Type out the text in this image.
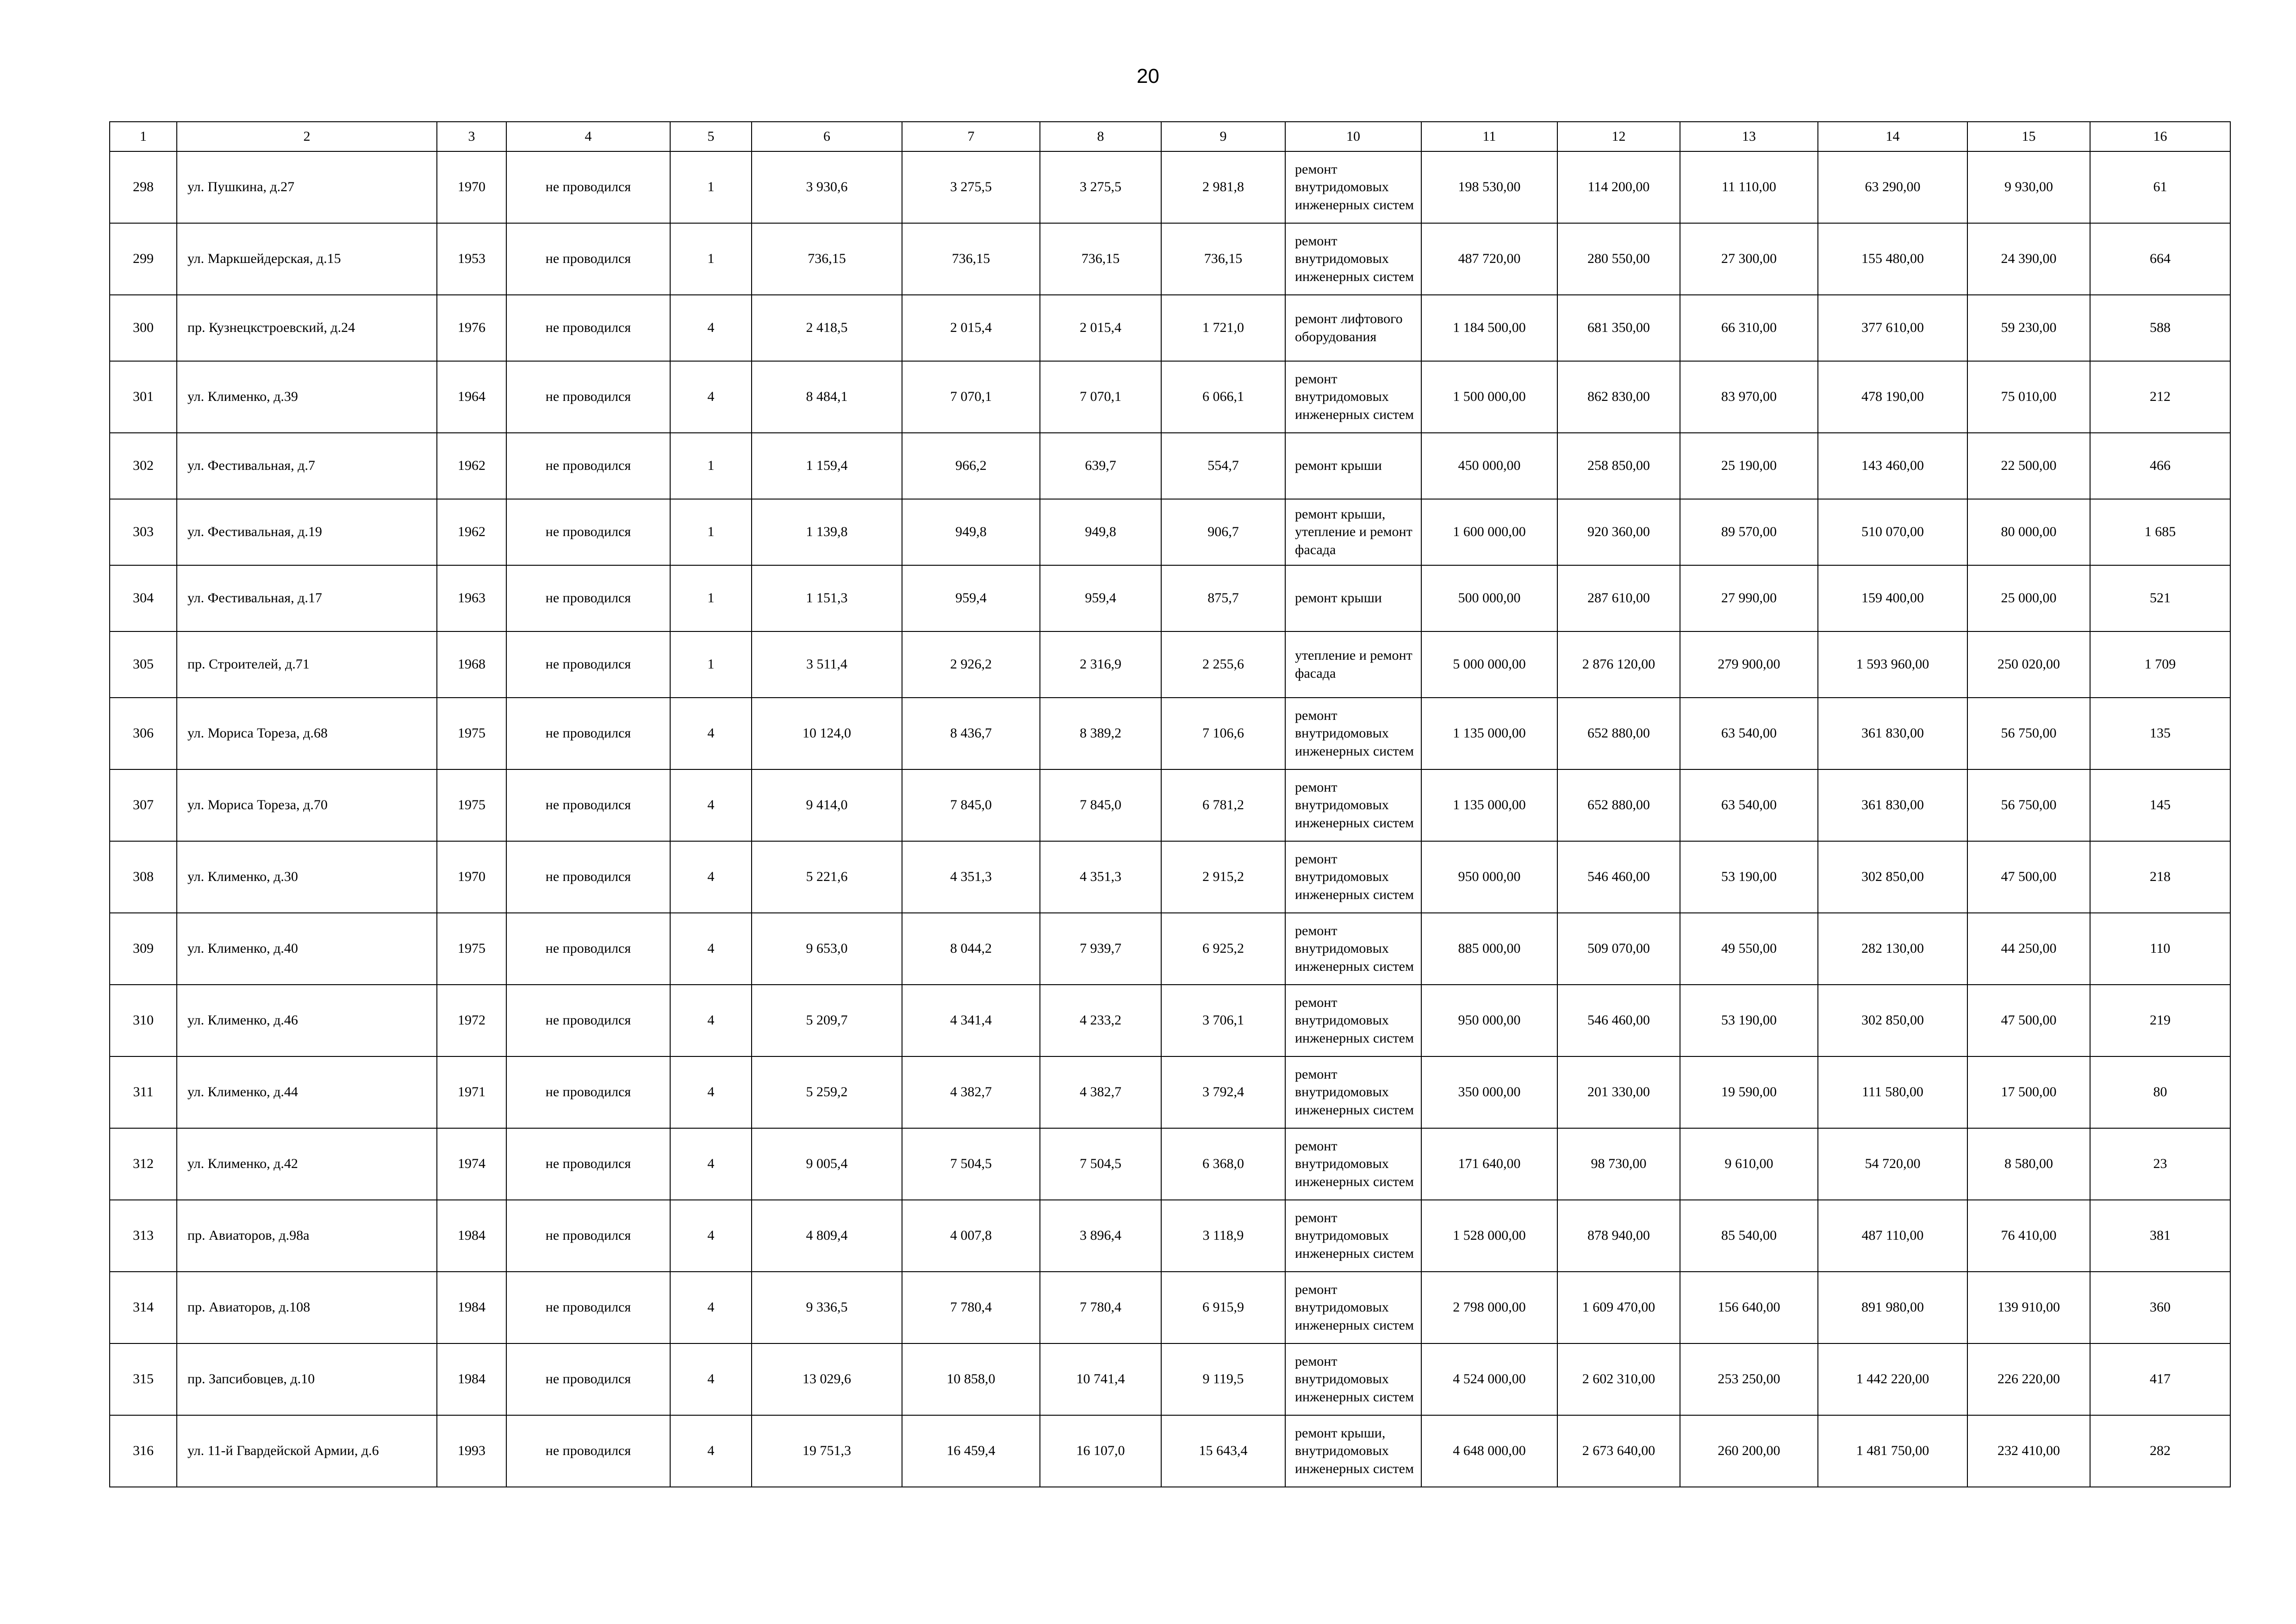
20
1	2	3	4	5	6	7	8	9	10	11	12	13	14	15	16
298	ул. Пушкина, д.27	1970	не проводился	1	3 930,6	3 275,5	3 275,5	2 981,8	ремонт внутридомовых инженерных систем	198 530,00	114 200,00	11 110,00	63 290,00	9 930,00	61
299	ул. Маркшейдерская, д.15	1953	не проводился	1	736,15	736,15	736,15	736,15	ремонт внутридомовых инженерных систем	487 720,00	280 550,00	27 300,00	155 480,00	24 390,00	664
300	пр. Кузнецкстроевский, д.24	1976	не проводился	4	2 418,5	2 015,4	2 015,4	1 721,0	ремонт лифтового оборудования	1 184 500,00	681 350,00	66 310,00	377 610,00	59 230,00	588
301	ул. Клименко, д.39	1964	не проводился	4	8 484,1	7 070,1	7 070,1	6 066,1	ремонт внутридомовых инженерных систем	1 500 000,00	862 830,00	83 970,00	478 190,00	75 010,00	212
302	ул. Фестивальная, д.7	1962	не проводился	1	1 159,4	966,2	639,7	554,7	ремонт крыши	450 000,00	258 850,00	25 190,00	143 460,00	22 500,00	466
303	ул. Фестивальная, д.19	1962	не проводился	1	1 139,8	949,8	949,8	906,7	ремонт крыши, утепление и ремонт фасада	1 600 000,00	920 360,00	89 570,00	510 070,00	80 000,00	1 685
304	ул. Фестивальная, д.17	1963	не проводился	1	1 151,3	959,4	959,4	875,7	ремонт крыши	500 000,00	287 610,00	27 990,00	159 400,00	25 000,00	521
305	пр. Строителей, д.71	1968	не проводился	1	3 511,4	2 926,2	2 316,9	2 255,6	утепление и ремонт фасада	5 000 000,00	2 876 120,00	279 900,00	1 593 960,00	250 020,00	1 709
306	ул. Мориса Тореза, д.68	1975	не проводился	4	10 124,0	8 436,7	8 389,2	7 106,6	ремонт внутридомовых инженерных систем	1 135 000,00	652 880,00	63 540,00	361 830,00	56 750,00	135
307	ул. Мориса Тореза, д.70	1975	не проводился	4	9 414,0	7 845,0	7 845,0	6 781,2	ремонт внутридомовых инженерных систем	1 135 000,00	652 880,00	63 540,00	361 830,00	56 750,00	145
308	ул. Клименко, д.30	1970	не проводился	4	5 221,6	4 351,3	4 351,3	2 915,2	ремонт внутридомовых инженерных систем	950 000,00	546 460,00	53 190,00	302 850,00	47 500,00	218
309	ул. Клименко, д.40	1975	не проводился	4	9 653,0	8 044,2	7 939,7	6 925,2	ремонт внутридомовых инженерных систем	885 000,00	509 070,00	49 550,00	282 130,00	44 250,00	110
310	ул. Клименко, д.46	1972	не проводился	4	5 209,7	4 341,4	4 233,2	3 706,1	ремонт внутридомовых инженерных систем	950 000,00	546 460,00	53 190,00	302 850,00	47 500,00	219
311	ул. Клименко, д.44	1971	не проводился	4	5 259,2	4 382,7	4 382,7	3 792,4	ремонт внутридомовых инженерных систем	350 000,00	201 330,00	19 590,00	111 580,00	17 500,00	80
312	ул. Клименко, д.42	1974	не проводился	4	9 005,4	7 504,5	7 504,5	6 368,0	ремонт внутридомовых инженерных систем	171 640,00	98 730,00	9 610,00	54 720,00	8 580,00	23
313	пр. Авиаторов, д.98а	1984	не проводился	4	4 809,4	4 007,8	3 896,4	3 118,9	ремонт внутридомовых инженерных систем	1 528 000,00	878 940,00	85 540,00	487 110,00	76 410,00	381
314	пр. Авиаторов, д.108	1984	не проводился	4	9 336,5	7 780,4	7 780,4	6 915,9	ремонт внутридомовых инженерных систем	2 798 000,00	1 609 470,00	156 640,00	891 980,00	139 910,00	360
315	пр. Запсибовцев, д.10	1984	не проводился	4	13 029,6	10 858,0	10 741,4	9 119,5	ремонт внутридомовых инженерных систем	4 524 000,00	2 602 310,00	253 250,00	1 442 220,00	226 220,00	417
316	ул. 11-й Гвардейской Армии, д.6	1993	не проводился	4	19 751,3	16 459,4	16 107,0	15 643,4	ремонт крыши, внутридомовых инженерных систем	4 648 000,00	2 673 640,00	260 200,00	1 481 750,00	232 410,00	282
